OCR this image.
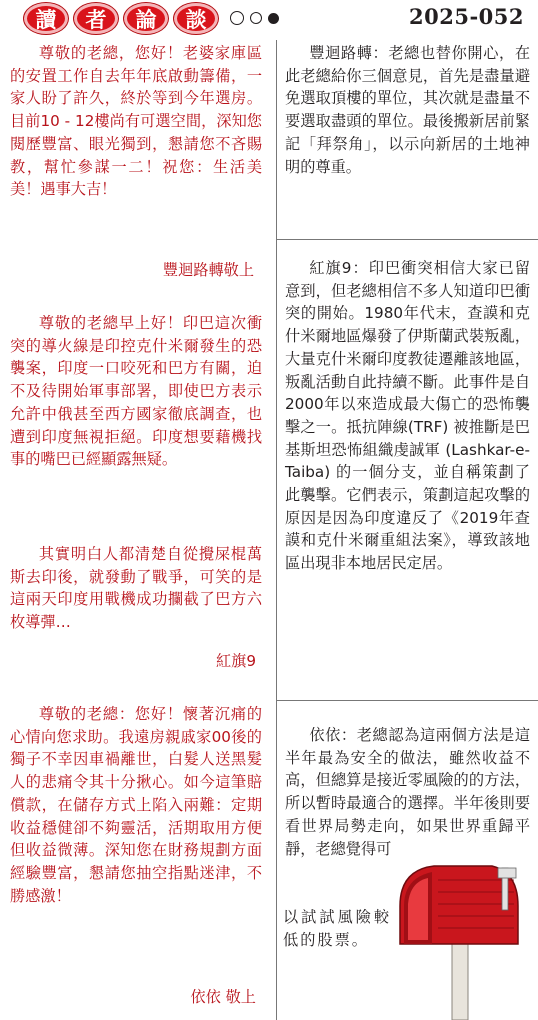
讀	者	論	談	2025-052

尊敬的老總，您好！老婆家庫區的安置工作自去年年底啟動籌備，一家人盼了許久，終於等到今年選房。目前10 - 12樓尚有可選空間，深知您閱歷豐富、眼光獨到，懇請您不吝賜教，幫忙參謀一二！祝您：生活美美！遇事大吉！

豐迴路轉敬上

尊敬的老總早上好！印巴這次衝突的導火線是印控克什米爾發生的恐襲案，印度一口咬死和巴方有關，迫不及待開始軍事部署，即使巴方表示允許中俄甚至西方國家徹底調查，也遭到印度無視拒絕。印度想要藉機找事的嘴巴已經顯露無疑。

其實明白人都清楚自從攪屎棍萬斯去印後，就發動了戰爭，可笑的是這兩天印度用戰機成功攔截了巴方六枚導彈…

紅旗9

尊敬的老總：您好！懷著沉痛的心情向您求助。我遠房親戚家00後的獨子不幸因車禍離世，白髮人送黑髮人的悲痛令其十分揪心。如今這筆賠償款，在儲存方式上陷入兩難：定期收益穩健卻不夠靈活，活期取用方便但收益微薄。深知您在財務規劃方面經驗豐富，懇請您抽空指點迷津，不勝感激！

依依 敬上

豐迴路轉：老總也替你開心，在此老總給你三個意見，首先是盡量避免選取頂樓的單位，其次就是盡量不要選取盡頭的單位。最後搬新居前緊記「拜祭角」，以示向新居的土地神明的尊重。

紅旗9：印巴衝突相信大家已留意到，但老總相信不多人知道印巴衝突的開始。1980年代末，查謨和克什米爾地區爆發了伊斯蘭武裝叛亂，大量克什米爾印度教徒遷離該地區，叛亂活動自此持續不斷。此事件是自2000年以來造成最大傷亡的恐怖襲擊之一。抵抗陣線(TRF) 被推斷是巴基斯坦恐怖組織虔誠軍 (Lashkar-e-Taiba) 的一個分支，並自稱策劃了此襲擊。它們表示，策劃這起攻擊的原因是因為印度違反了《2019年查謨和克什米爾重組法案》，導致該地區出現非本地居民定居。

依依：老總認為這兩個方法是這半年最為安全的做法，雖然收益不高，但總算是接近零風險的的方法，所以暫時最適合的選擇。半年後則要看世界局勢走向，如果世界重歸平靜，老總覺得可

以試試風險較低的股票。
